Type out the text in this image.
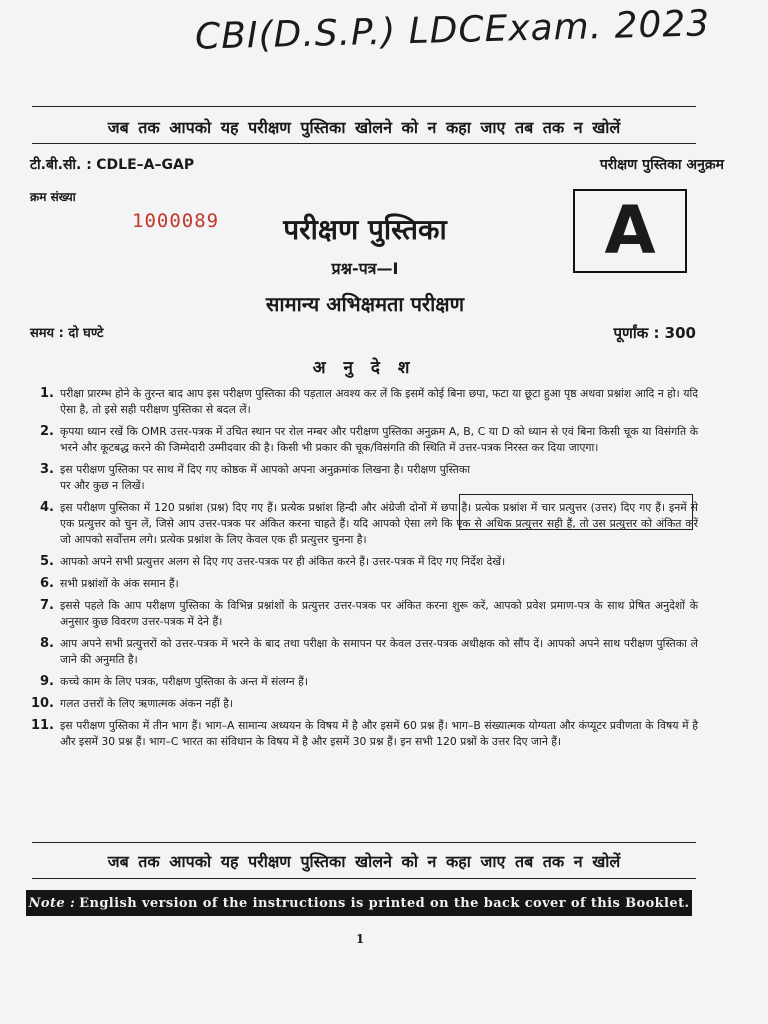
CBI(D.S.P.) LDCExam. 2023
जब तक आपको यह परीक्षण पुस्तिका खोलने को न कहा जाए तब तक न खोलें
टी.बी.सी. : CDLE–A–GAP	परीक्षण पुस्तिका अनुक्रम
क्रम संख्या
1000089	परीक्षण पुस्तिका
प्रश्न-पत्र—I
सामान्य अभिक्षमता परीक्षण
A
समय : दो घण्टे	पूर्णांक : 300
अ नु दे श
1. परीक्षा प्रारम्भ होने के तुरन्त बाद आप इस परीक्षण पुस्तिका की पड़ताल अवश्य कर लें कि इसमें कोई बिना छपा, फटा या छूटा हुआ पृष्ठ अथवा प्रश्नांश आदि न हो। यदि ऐसा है, तो इसे सही परीक्षण पुस्तिका से बदल लें।
2. कृपया ध्यान रखें कि OMR उत्तर-पत्रक में उचित स्थान पर रोल नम्बर और परीक्षण पुस्तिका अनुक्रम A, B, C या D को ध्यान से एवं बिना किसी चूक या विसंगति के भरने और कूटबद्ध करने की जिम्मेदारी उम्मीदवार की है। किसी भी प्रकार की चूक/विसंगति की स्थिति में उत्तर-पत्रक निरस्त कर दिया जाएगा।
3. इस परीक्षण पुस्तिका पर साथ में दिए गए कोष्ठक में आपको अपना अनुक्रमांक लिखना है। परीक्षण पुस्तिका पर और कुछ न लिखें।
4. इस परीक्षण पुस्तिका में 120 प्रश्नांश (प्रश्न) दिए गए हैं। प्रत्येक प्रश्नांश हिन्दी और अंग्रेजी दोनों में छपा है। प्रत्येक प्रश्नांश में चार प्रत्युत्तर (उत्तर) दिए गए हैं। इनमें से एक प्रत्युत्तर को चुन लें, जिसे आप उत्तर-पत्रक पर अंकित करना चाहते हैं। यदि आपको ऐसा लगे कि एक से अधिक प्रत्युत्तर सही हैं, तो उस प्रत्युत्तर को अंकित करें जो आपको सर्वोत्तम लगे। प्रत्येक प्रश्नांश के लिए केवल एक ही प्रत्युत्तर चुनना है।
5. आपको अपने सभी प्रत्युत्तर अलग से दिए गए उत्तर-पत्रक पर ही अंकित करने हैं। उत्तर-पत्रक में दिए गए निर्देश देखें।
6. सभी प्रश्नांशों के अंक समान हैं।
7. इससे पहले कि आप परीक्षण पुस्तिका के विभिन्न प्रश्नांशों के प्रत्युत्तर उत्तर-पत्रक पर अंकित करना शुरू करें, आपको प्रवेश प्रमाण-पत्र के साथ प्रेषित अनुदेशों के अनुसार कुछ विवरण उत्तर-पत्रक में देने हैं।
8. आप अपने सभी प्रत्युत्तरों को उत्तर-पत्रक में भरने के बाद तथा परीक्षा के समापन पर केवल उत्तर-पत्रक अधीक्षक को सौंप दें। आपको अपने साथ परीक्षण पुस्तिका ले जाने की अनुमति है।
9. कच्चे काम के लिए पत्रक, परीक्षण पुस्तिका के अन्त में संलग्न हैं।
10. गलत उत्तरों के लिए ऋणात्मक अंकन नहीं है।
11. इस परीक्षण पुस्तिका में तीन भाग हैं। भाग–A सामान्य अध्ययन के विषय में है और इसमें 60 प्रश्न हैं। भाग–B संख्यात्मक योग्यता और कंप्यूटर प्रवीणता के विषय में है और इसमें 30 प्रश्न हैं। भाग–C भारत का संविधान के विषय में है और इसमें 30 प्रश्न हैं। इन सभी 120 प्रश्नों के उत्तर दिए जाने हैं।
जब तक आपको यह परीक्षण पुस्तिका खोलने को न कहा जाए तब तक न खोलें
Note : English version of the instructions is printed on the back cover of this Booklet.
1
